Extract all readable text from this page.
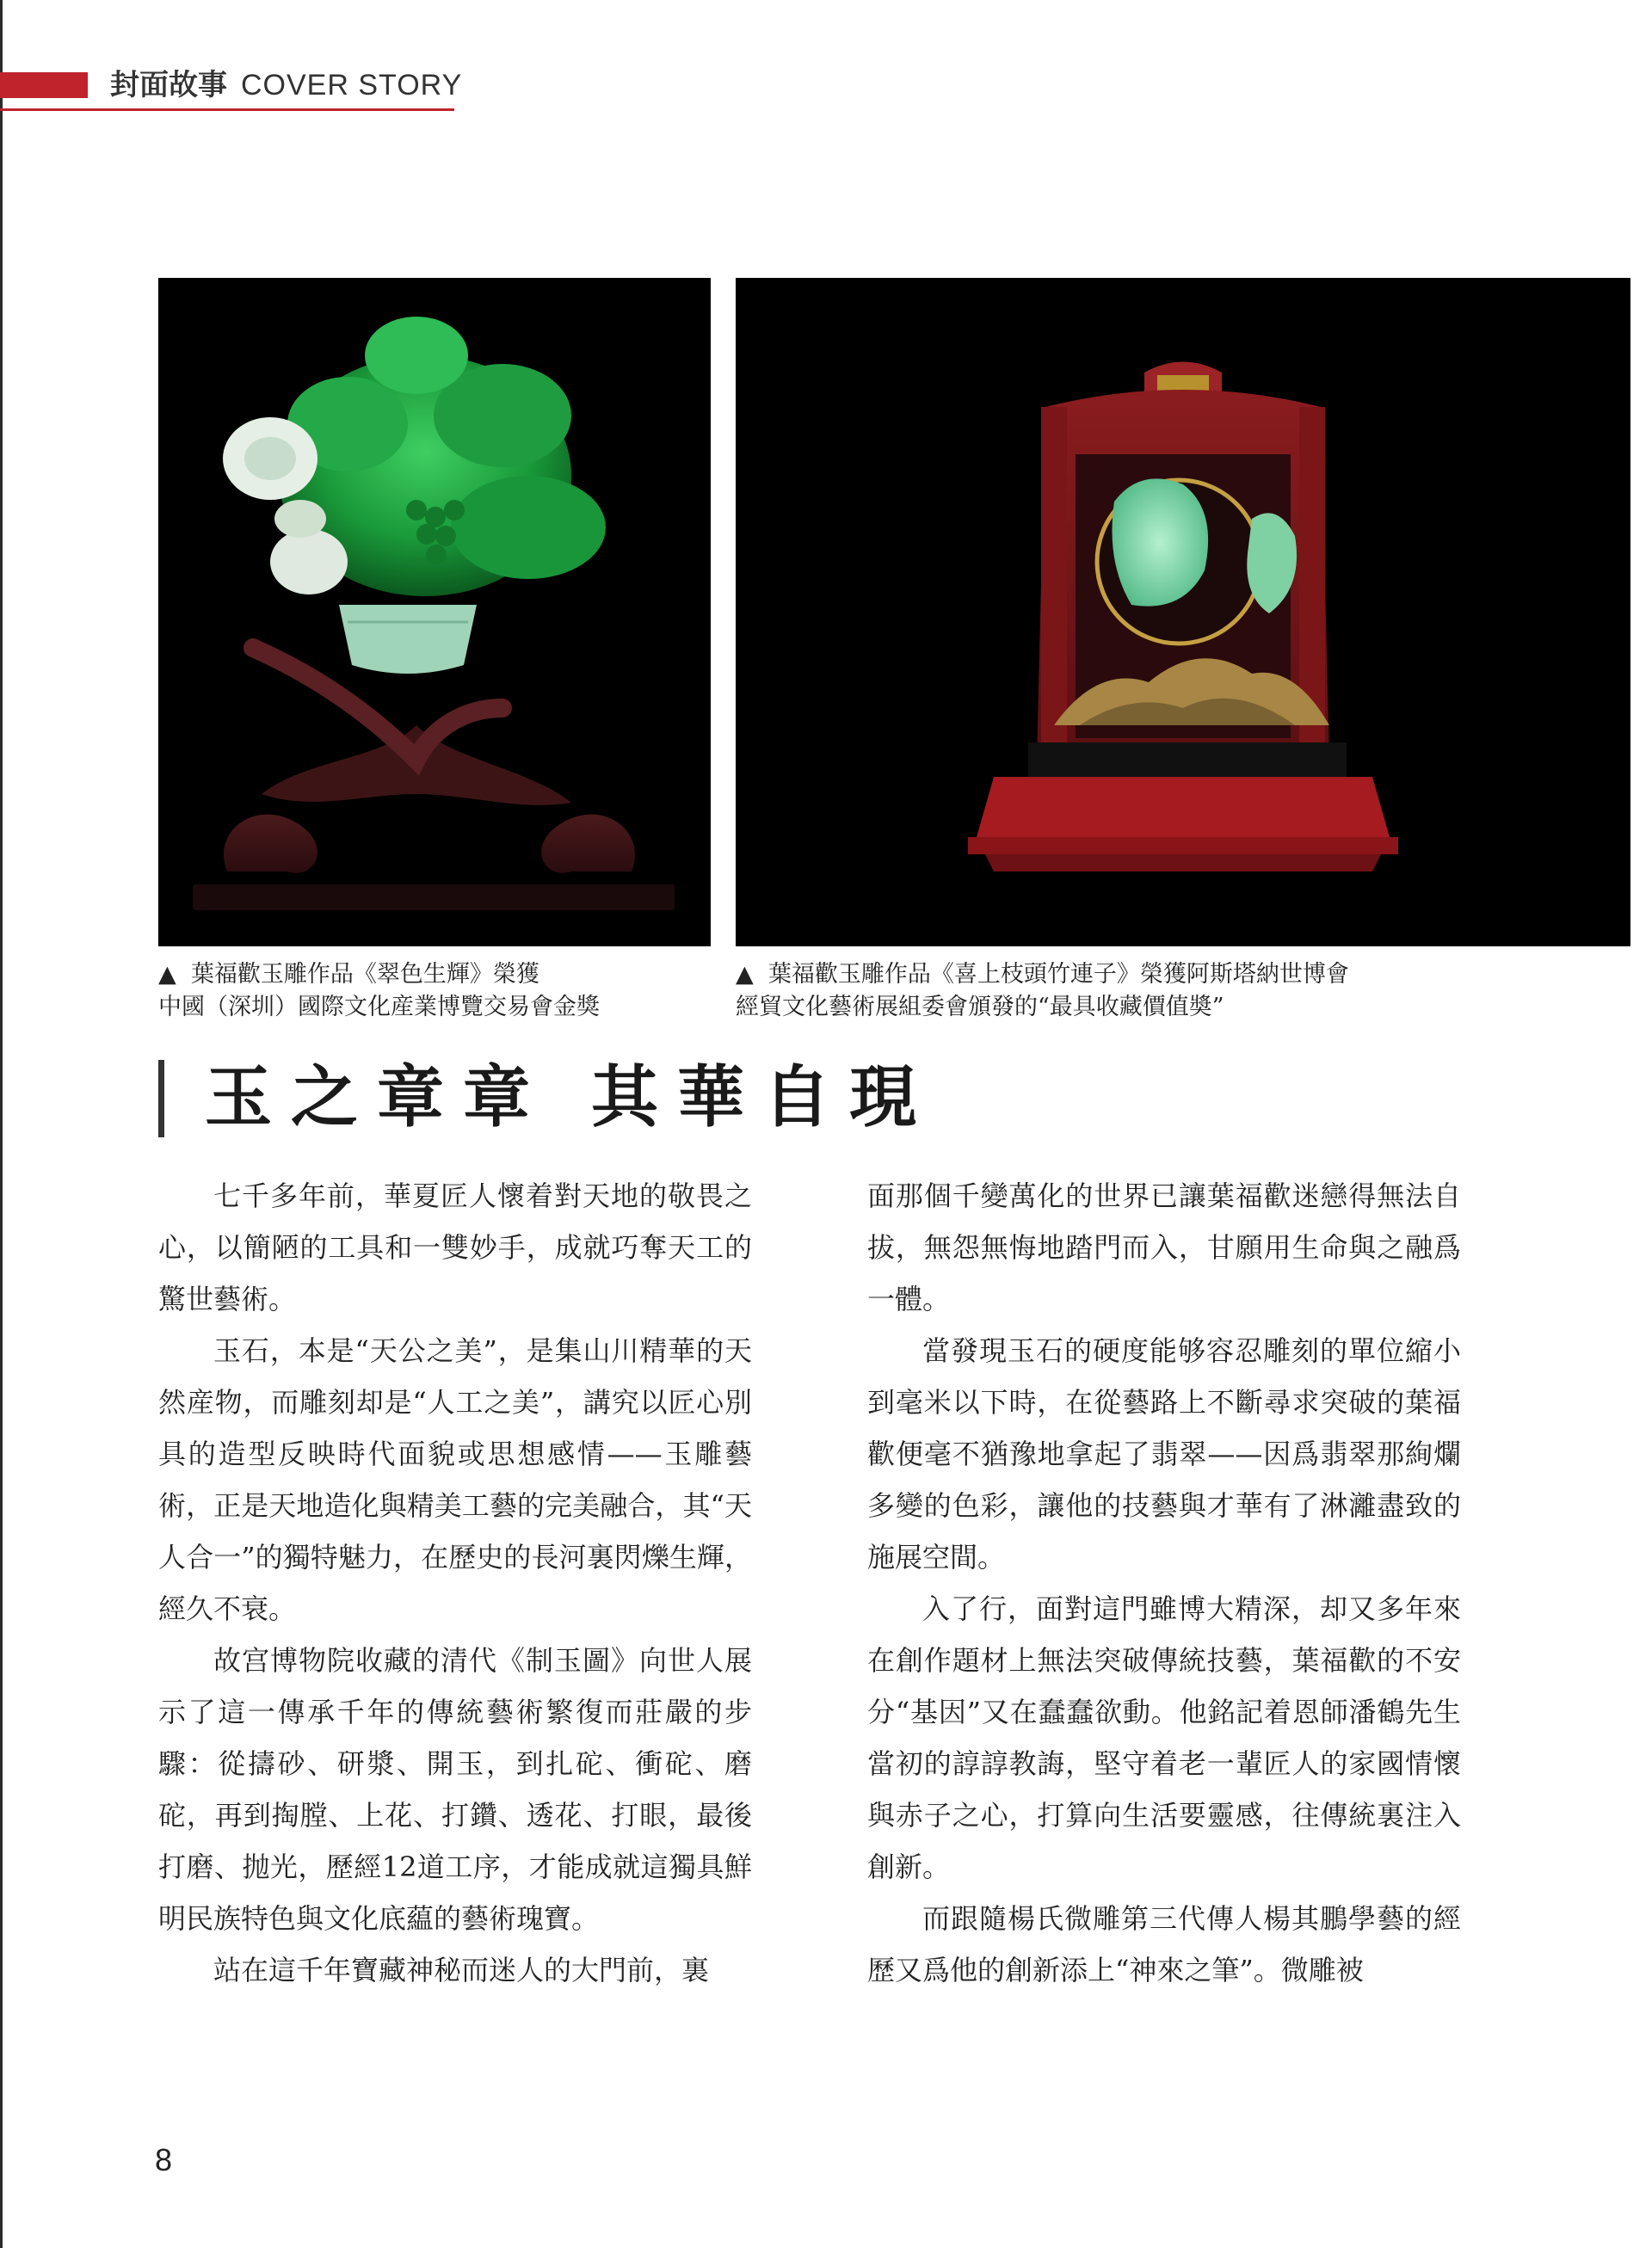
封面故事 COVER STORY
▲ 葉福歡玉雕作品《翠色生輝》榮獲
中國（深圳）國際文化産業博覽交易會金獎
▲ 葉福歡玉雕作品《喜上枝頭竹連子》榮獲阿斯塔納世博會
經貿文化藝術展組委會頒發的“最具收藏價值奬”
玉之章章 其華自現

七千多年前，華夏匠人懷着對天地的敬畏之心，以簡陋的工具和一雙妙手，成就巧奪天工的驚世藝術。

玉石，本是“天公之美”，是集山川精華的天然産物，而雕刻却是“人工之美”，講究以匠心別具的造型反映時代面貌或思想感情——玉雕藝術，正是天地造化與精美工藝的完美融合，其“天人合一”的獨特魅力，在歷史的長河裏閃爍生輝，經久不衰。

故宫博物院收藏的清代《制玉圖》向世人展示了這一傳承千年的傳統藝術繁復而莊嚴的步驟：從擣砂、研漿、開玉，到扎砣、衝砣、磨砣，再到掏膛、上花、打鑽、透花、打眼，最後打磨、抛光，歷經12道工序，才能成就這獨具鮮明民族特色與文化底藴的藝術瑰寶。

站在這千年寶藏神秘而迷人的大門前，裏

面那個千變萬化的世界已讓葉福歡迷戀得無法自拔，無怨無悔地踏門而入，甘願用生命與之融爲一體。

當發現玉石的硬度能够容忍雕刻的單位縮小到毫米以下時，在從藝路上不斷尋求突破的葉福歡便毫不猶豫地拿起了翡翠——因爲翡翠那絢爛多變的色彩，讓他的技藝與才華有了淋灕盡致的施展空間。

入了行，面對這門雖博大精深，却又多年來在創作題材上無法突破傳統技藝，葉福歡的不安分“基因”又在蠢蠢欲動。他銘記着恩師潘鶴先生當初的諄諄教誨，堅守着老一輩匠人的家國情懷與赤子之心，打算向生活要靈感，往傳統裏注入創新。

而跟隨楊氏微雕第三代傳人楊其鵬學藝的經歷又爲他的創新添上“神來之筆”。微雕被

8
